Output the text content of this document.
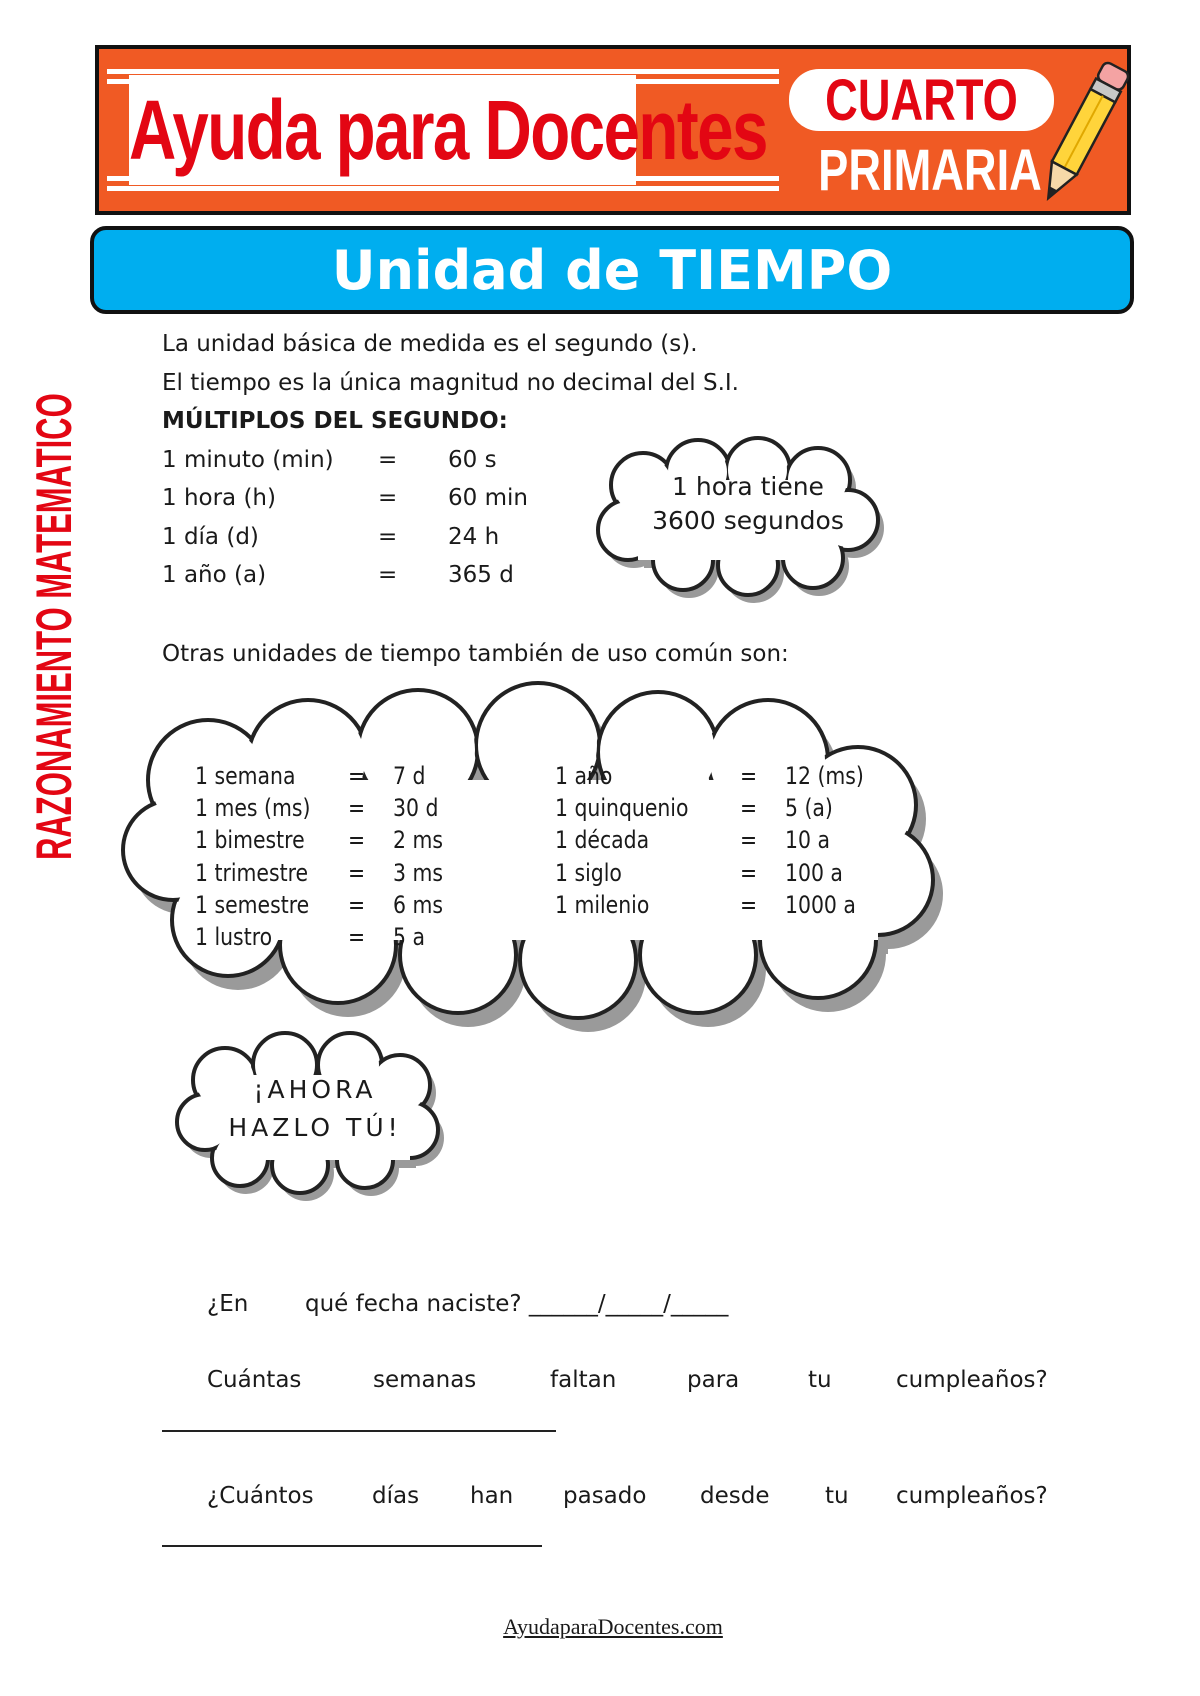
Ayuda para Docentes CUARTO
PRIMARIA
Unidad de TIEMPO
RAZONAMIENTO MATEMATICO
La unidad básica de medida es el segundo (s).
El tiempo es la única magnitud no decimal del S.I.
MÚLTIPLOS DEL SEGUNDO:
1 minuto (min) = 60 s
1 hora (h)	= 60 min
1 día (d)	= 24 h
1 año (a)	= 365 d
1 hora tiene
3600 segundos
Otras unidades de tiempo también de uso común son:
1 semana = 7 d
1 mes (ms) = 30 d
1 bimestre = 2 ms
1 trimestre = 3 ms
1 semestre = 6 ms
1 lustro	= 5 a
1 año	= 12 (ms)
1 quinquenio = 5 (a)
1 década	= 10 a
1 siglo	= 100 a
1 milenio	= 1000 a
¡AHORA
HAZLO TÚ!
¿En qué fecha naciste? ______/_____/_____
Cuántas	semanas	faltan	para	tu	cumpleaños?
¿Cuántos	días han pasado desde tu cumpleaños?
AyudaparaDocentes.com
